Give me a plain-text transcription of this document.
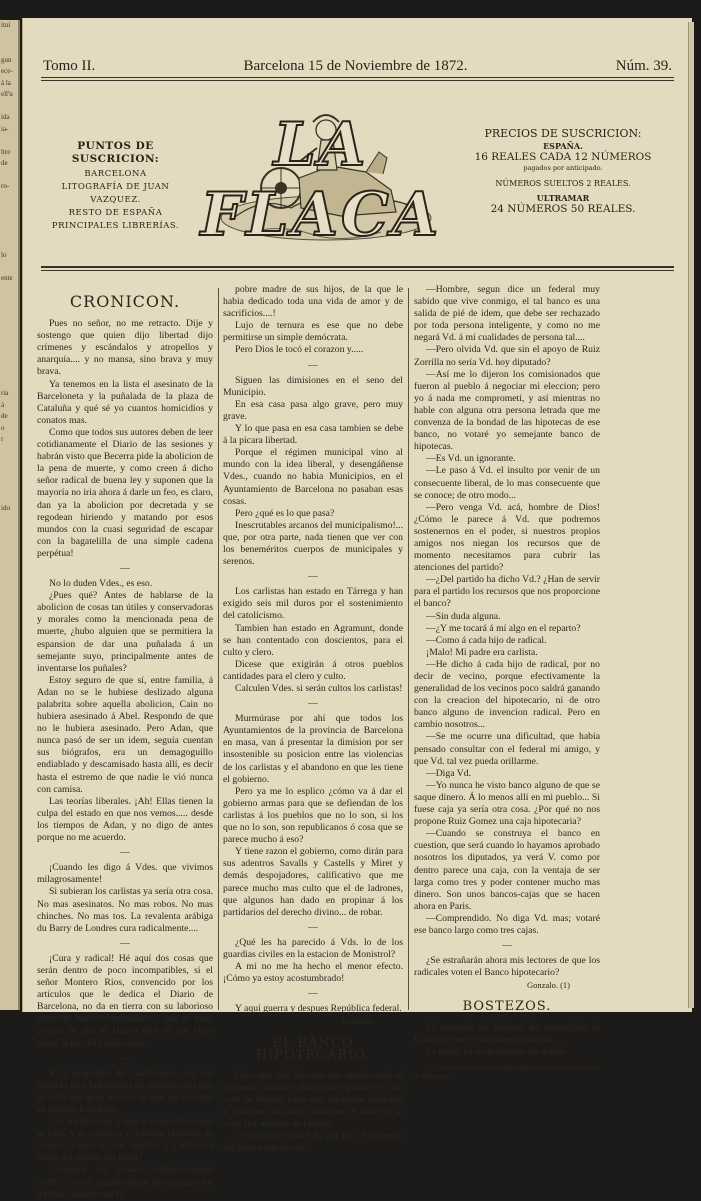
ituí

gun
ece-
á la
ell'u

ida
ia-

ltre
de

ro-

lo

ente

ria
á
de
o
r

ido

Tomo II.	Barcelona 15 de Noviembre de 1872.	Núm. 39.
PUNTOS DE SUSCRICION:
BARCELONA
LITOGRAFÍA DE JUAN VAZQUEZ.
RESTO DE ESPAÑA
PRINCIPALES LIBRERÍAS.
LA FLACA
PRECIOS DE SUSCRICION:
ESPAÑA.
16 REALES CADA 12 NÚMEROS
pagados por anticipado.
NÚMEROS SUELTOS 2 REALES.
ULTRAMAR
24 NÚMEROS 50 REALES.
CRONICON.

Pues no señor, no me retracto. Dije y sostengo que quien dijo libertad dijo crímenes y escándalos y atropellos y anarquía.... y no mansa, sino brava y muy brava.

Ya tenemos en la lista el asesinato de la Barceloneta y la puñalada de la plaza de Cataluña y qué sé yo cuantos homicidios y conatos mas.

Como que todos sus autores deben de leer cotidianamente el Diario de las sesiones y habrán visto que Becerra pide la abolicion de la pena de muerte, y como creen á dicho señor radical de buena ley y suponen que la mayoría no iria ahora á darle un feo, es claro, dan ya la abolicion por decretada y se regodean hiriendo y matando por esos mundos con la cuasi seguridad de escapar con la bagatelilla de una simple cadena perpétua!

—

No lo duden Vdes., es eso.

¿Pues qué? Antes de hablarse de la abolicion de cosas tan útiles y conservadoras y morales como la mencionada pena de muerte, ¿hubo alguien que se permitiera la espansion de dar una puñalada á un semejante suyo, principalmente antes de inventarse los puñales?

Estoy seguro de que sí, entre familia, á Adan no se le hubiese deslizado alguna palabrita sobre aquella abolicion, Cain no hubiera asesinado á Abel. Respondo de que no le hubiera asesinado. Pero Adan, que nunca pasó de ser un idem, seguía cuentan sus biógrafos, era un demagoguillo endiablado y descamisado hasta allí, es decir hasta el estremo de que nadie le vió nunca con camisa.

Las teorías liberales. ¡Ah! Ellas tienen la culpa del estado en que nos vemos..... desde los tiempos de Adan, y no digo de antes porque no me acuerdo.

—

¡Cuando les digo á Vdes. que vivimos milagrosamente!

Si subieran los carlistas ya sería otra cosa. No mas asesinatos. No mas robos. No mas chinches. No mas tos. La revalenta arábiga du Barry de Londres cura radicalmente....

—

¡Cura y radical! Hé aquí dos cosas que serán dentro de poco incompatibles, si el señor Montero Rios, convencido por los artículos que le dedica el Diario de Barcelona, no da en tierra con su laborioso proyecto bucólico-eclesiástico, que si dará, porque lo que el Diario dice es tan claro como la luz del catolicismo.

—

Y á propósito de catolicismo, no me negarán esos bribonazos de republicanos que ha sido una gran leccion la que les ha dado su famoso Rochefort.

¡Un republicano y ateo y comunalista que se casa, y se confiesa y derrama lágrimas de ternura, como la mas sencilla y candorosa oveja del rebaño del señor!

Consentir en casarse religiosamente ¡¡¡él!!.. por el simple placer de endulzar los últimos instantes de la

pobre madre de sus hijos, de la que le habia dedicado toda una vida de amor y de sacrificios....!

Lujo de ternura es ese que no debe permitirse un simple demócrata.

Pero Dios le tocó el corazon y.....

—

Siguen las dimisiones en el seno del Municipio.

En esa casa pasa algo grave, pero muy grave.

Y lo que pasa en esa casa tambien se debe á la picara libertad.

Porque el régimen municipal vino al mundo con la idea liberal, y desengáñense Vdes., cuando no habia Municipios, en el Ayuntamiento de Barcelona no pasaban esas cosas.

Pero ¿qué es lo que pasa?

Inescrutables arcanos del municipalismo!... que, por otra parte, nada tienen que ver con los beneméritos cuerpos de municipales y serenos.

—

Los carlistas han estado en Tárrega y han exigido seis mil duros por el sostenimiento del catolicismo.

Tambien han estado en Agramunt, donde se han contentado con doscientos, para el culto y clero.

Dicese que exigirán á otros pueblos cantidades para el clero y culto.

Calculen Vdes. si serán cultos los carlistas!

—

Murmúrase por ahí que todos los Ayuntamientos de la provincia de Barcelona en masa, van á presentar la dimision por ser insostenible su posicion entre las violencias de los carlistas y el abandono en que les tiene el gobierno.

Pero ya me lo esplico ¿cómo va á dar el gobierno armas para que se defiendan de los carlistas á los pueblos que no lo son, si los que no lo son, son republicanos ó cosa que se parece mucho á eso?

Y tiene razon el gobierno, como dirán para sus adentros Savalls y Castells y Miret y demás despojadores, calificativo que me parece mucho mas culto que el de ladrones, que algunos han dado en propinar á los partidarios del derecho divino... de robar.

—

¿Qué les ha parecido á Vds. lo de los guardias civiles en la estacion de Monistrol?

A mí no me ha hecho el menor efecto. ¡Cómo ya estoy acostumbrado!

—

Y aquí guerra y despues República federal.

Cebuelo.

EL BANCO HIPOTECARIO.

Creo que mis lectores me agradecerán el siguiente sabroso dialoguillo pasado en un café de Madrid entre dos diputados radicales y oido por un amigo mio que se halla en la córte por asuntos de familia.

—Con que ¿vota Vd., por fin, el proyecto del Banco hipotecario?

—Hombre, segun dice un federal muy sabido que vive conmigo, el tal banco es una salida de pié de idem, que debe ser rechazado por toda persona inteligente, y como no me negará Vd. á mí cualidades de persona tal....

—Pero olvida Vd. que sin el apoyo de Ruiz Zorrilla no sería Vd. hoy diputado?

—Así me lo dijeron los comisionados que fueron al pueblo á negociar mi eleccion; pero yo á nada me comprometí, y así mientras no hable con alguna otra persona letrada que me convenza de la bondad de las hipotecas de ese banco, no votaré yo semejante banco de hipotecas.

—Es Vd. un ignorante.

—Le paso á Vd. el insulto por venir de un consecuente liberal, de lo mas consecuente que se conoce; de otro modo...

—Pero venga Vd. acá, hombre de Dios! ¿Cómo le parece á Vd. que podremos sostenernos en el poder, si nuestros propios amigos nos niegan los recursos que de momento necesitamos para cubrir las atenciones del partido?

—¿Del partido ha dicho Vd.? ¿Han de servir para el partido los recursos que nos proporcione el banco?

—Sin duda alguna.

—¿Y me tocará á mí algo en el reparto?

—Como á cada hijo de radical.

¡Malo! Mi padre era carlista.

—He dicho á cada hijo de radical, por no decir de vecino, porque efectivamente la generalidad de los vecinos poco saldrá ganando con la creacion del hipotecario, ni de otro banco alguno de invencion radical. Pero en cambio nosotros...

—Se me ocurre una dificultad, que había pensado consultar con el federal mi amigo, y que Vd. tal vez pueda orillarme.

—Diga Vd.

—Yo nunca he visto banco alguno de que se saque dinero. Á lo menos allí en mi pueblo... Si fuese caja ya sería otra cosa. ¿Por qué no nos propone Ruiz Gomez una caja hipotecaria?

—Cuando se construya el banco en cuestion, que será cuando lo hayamos aprobado nosotros los diputados, ya verá V. como por dentro parece una caja, con la ventaja de ser larga como tres y poder contener mucho mas dinero. Son unos bancos-cajas que se hacen ahora en Paris.

—Comprendido. No diga Vd. mas; votaré ese banco largo como tres cajas.

—

¿Se estrañarán ahora mis lectores de que los radicales voten el Banco hipotecario?

Gonzalo. (1)

BOSTEZOS.

El marqués de Sardoal ha aconsejado al Gobierno que se declare en quiebra.

Es inútil; ya le declararán los demás.

(1) Para evitar sospechas hago público que no soy el asesino de Melendo.
